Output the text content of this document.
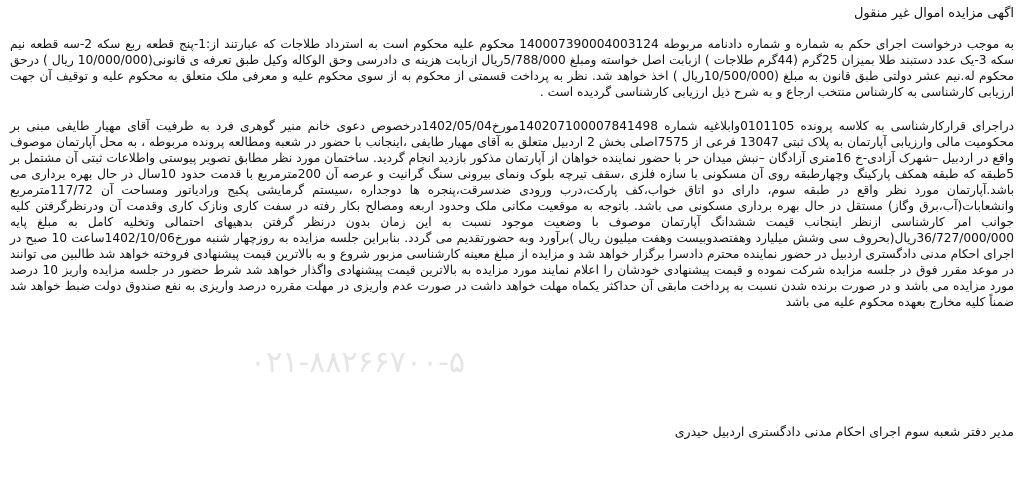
اگهی مزایده اموال غیر منقول

به موجب درخواست اجرای حکم به شماره و شماره دادنامه مربوطه 140007390004003124 محکوم علیه محکوم است به استرداد طلاجات که عبارتند از:1-پنج قطعه ربع سکه 2-سه قطعه نیم سکه 3-یک عدد دستبند طلا بمیزان 25گرم (44گرم طلاجات ) ازبابت اصل خواسته ومبلغ 5/788/000ریال ازبابت هزینه ی دادرسی وحق الوکاله وکیل طبق تعرفه ی قانونی(10/000/000 ریال ) درحق محکوم له.نیم عشر دولتی طبق قانون به مبلغ (10/500/000ریال ) اخذ خواهد شد. نظر به پرداخت قسمتی از محکوم به از سوی محکوم علیه و معرفی ملک متعلق به محکوم علیه و توقیف آن جهت ارزیابی کارشناسی به کارشناس منتخب ارجاع و به شرح ذیل ارزیابی کارشناسی گردیده است .

دراجرای قرارکارشناسی به کلاسه پرونده 0101105وابلاغیه شماره 140207100007841498مورخ1402/05/04درخصوص دعوی خانم منیر گوهری فرد به طرفیت آقای مهیار طایفی مبنی بر محکومیت مالی وارزیابی آپارتمان به پلاک ثبتی 13047 فرعی از 7575اصلی بخش 2 اردبیل متعلق به آقای مهیار طایفی ،اینجانب با حضور در شعبه ومطالعه پرونده مربوطه ، به محل آپارتمان موصوف واقع در اردبیل –شهرک آزادی-خ 16متری آزادگان –نبش میدان حر با حضور نماینده خواهان از آپارتمان مذکور بازدید انجام گردید. ساختمان مورد نظر مطابق تصویر پیوستی واطلاعات ثبتی آن مشتمل بر 5طبقه که طبقه همکف پارکینگ وچهارطبقه روی آن مسکونی با سازه فلزی ،سقف تیرچه بلوک ونمای بیرونی سنگ گرانیت و عرصه آن 200مترمربع با قدمت حدود 10سال در حال بهره برداری می باشد.آپارتمان مورد نظر واقع در طبقه سوم، دارای دو اتاق خواب،کف پارکت،درب ورودی ضدسرقت،پنجره ها دوجداره ،سیستم گرمایشی پکیج ورادیاتور ومساحت آن 117/72مترمربع وانشعابات(آب،برق وگاز) مستقل در حال بهره برداری مسکونی می باشد. باتوجه به موقعیت مکانی ملک وحدود اربعه ومصالح بکار رفته در سفت کاری ونازک کاری وقدمت آن ودرنظرگرفتن کلیه جوانب امر کارشناسی ازنظر اینجانب قیمت ششدانگ آپارتمان موصوف با وضعیت موجود نسبت به این زمان بدون درنظر گرفتن بدهیهای احتمالی وتخلیه کامل به مبلغ پایه 36/727/000/000ریال(بحروف سی وشش میلیارد وهفتصدوبیست وهفت میلیون ریال )برآورد وبه حضورتقدیم می گردد. بنابراین جلسه مزایده به روزچهار شنبه مورخ1402/10/06ساعت 10 صبح در اجرای احکام مدنی دادگستری اردبیل در حضور نماینده محترم دادسرا برگزار خواهد شد و مزایده از مبلغ معینه کارشناسی مزبور شروع و به بالاترین قیمت پیشنهادی فروخته خواهد شد طالبین می توانند در موعد مقرر فوق در جلسه مزایده شرکت نموده و قیمت پیشنهادی خودشان را اعلام نمایند مورد مزایده به بالاترین قیمت پیشنهادی واگذار خواهد شد شرط حضور در جلسه مزایده واریز 10 درصد مورد مزایده می باشد و در صورت برنده شدن نسبت به پرداخت مابقی آن حداکثر یکماه مهلت خواهد داشت در صورت عدم واریزی در مهلت مقرره درصد واریزی به نفع صندوق دولت ضبط خواهد شد ضمناً کلیه مخارج بعهده محکوم علیه می باشد

۰۲۱-۸۸۲۶۶۷۰۰-۵
مدیر دفتر شعبه سوم اجرای احکام مدنی دادگستری اردبیل حیدری
